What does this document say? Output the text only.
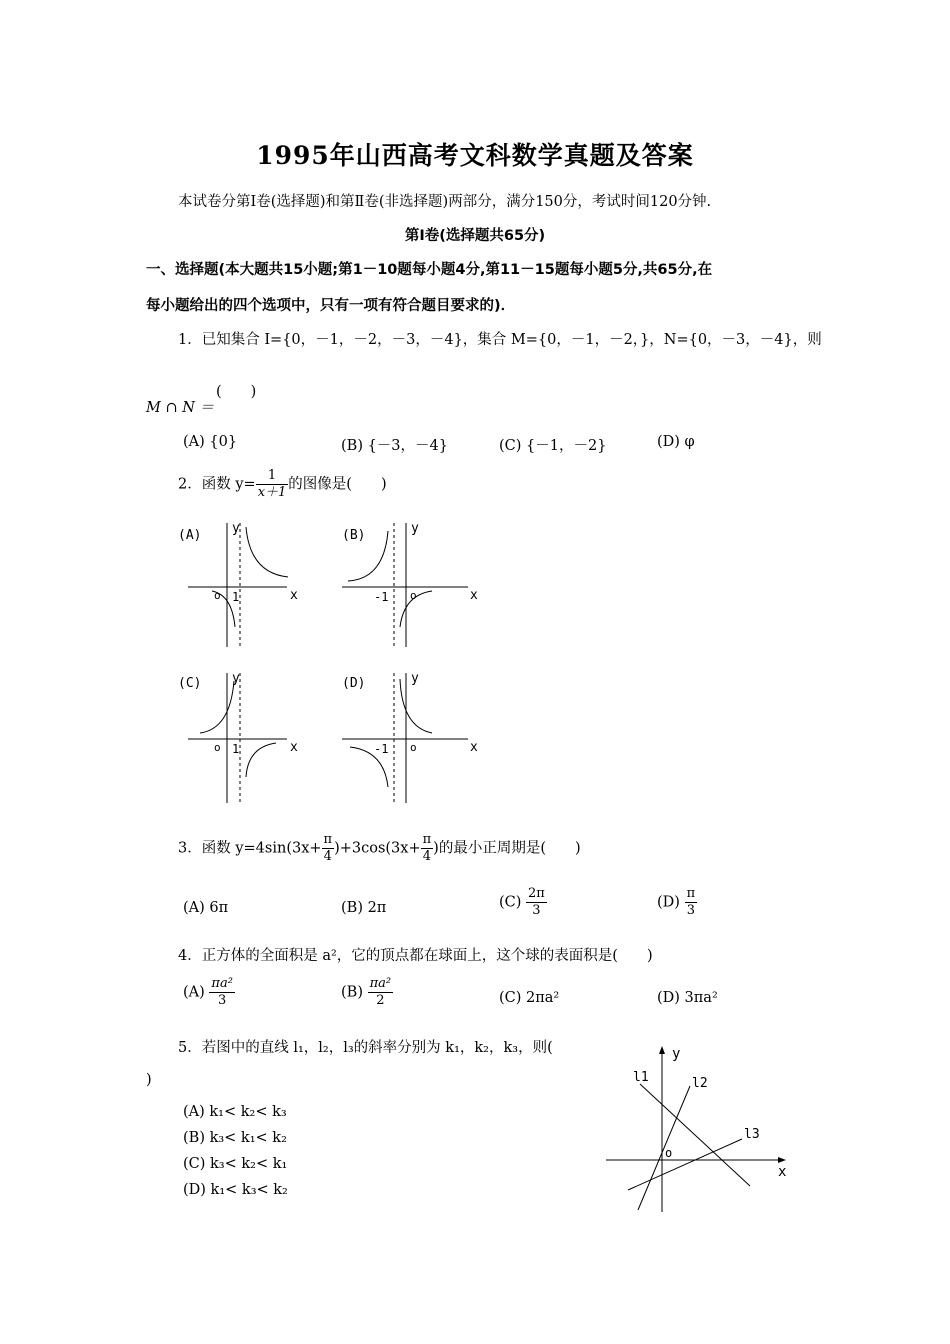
1995年山西高考文科数学真题及答案
本试卷分第Ⅰ卷(选择题)和第Ⅱ卷(非选择题)两部分，满分150分，考试时间120分钟.
第Ⅰ卷(选择题共65分)
一、选择题(本大题共15小题;第1－10题每小题4分,第11－15题每小题5分,共65分,在
每小题给出的四个选项中，只有一项有符合题目要求的)．
1．已知集合 I={0，－1，－2，－3，－4}，集合 M={0，－1，－2，}，N={0，－3，－4}，则
M ∩ N ＝
(　　)
(A) {0}	(B) {－3，－4}	(C) {－1，－2}	(D) φ
2．函数 $y= \frac{1}{x+1}$ 的图像是(　　)
(A) y
x
o 1
(B)	y
x
o
-1
(C) y
x
o 1
(D)	y
x
o
-1
3．函数 $y=4\sin(3x+ \frac{\pi}{4} )+3\cos(3x+ \frac{\pi}{4}$ )的最小正周期是(　　)
(A) 6π	(B) 2π	$(C) \frac{2\pi}{3}$	$(D) \frac{\pi}{3}$
4．正方体的全面积是 a²，它的顶点都在球面上，这个球的表面积是(　　)
$(A) \frac{\text{πa²}}{3}$	$(B) \frac{\text{πa²}}{2}$	(C) 2πa²	(D) 3πa²
5．若图中的直线 l₁，l₂，l₃的斜率分别为 k₁，k₂，k₃，则(
)
(A) k₁< k₂< k₃
(B) k₃< k₁< k₂
(C) k₃< k₂< k₁
(D) k₁< k₃< k₂
y
x
o
l1	l2
l3
